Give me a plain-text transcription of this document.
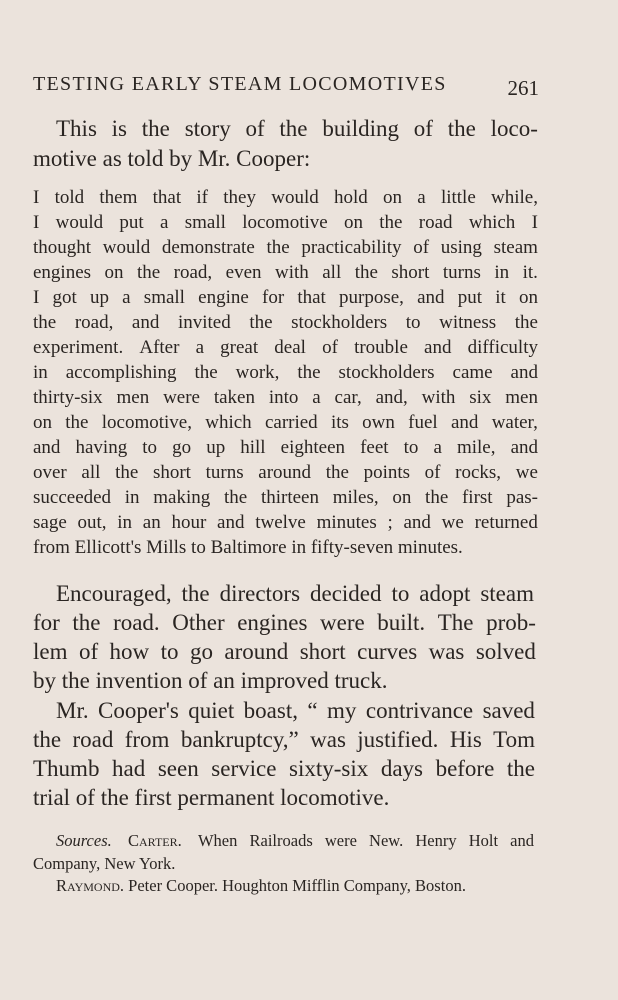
TESTING EARLY STEAM LOCOMOTIVES	261
This is the story of the building of the loco-
motive as told by Mr. Cooper:
I told them that if they would hold on a little while,
I would put a small locomotive on the road which I
thought would demonstrate the practicability of using steam
engines on the road, even with all the short turns in it.
I got up a small engine for that purpose, and put it on
the road, and invited the stockholders to witness the
experiment. After a great deal of trouble and difficulty
in accomplishing the work, the stockholders came and
thirty-six men were taken into a car, and, with six men
on the locomotive, which carried its own fuel and water,
and having to go up hill eighteen feet to a mile, and
over all the short turns around the points of rocks, we
succeeded in making the thirteen miles, on the first pas-
sage out, in an hour and twelve minutes ; and we returned
from Ellicott's Mills to Baltimore in fifty-seven minutes.
Encouraged, the directors decided to adopt steam
for the road. Other engines were built. The prob-
lem of how to go around short curves was solved
by the invention of an improved truck.
Mr. Cooper's quiet boast, “ my contrivance saved
the road from bankruptcy,” was justified. His Tom
Thumb had seen service sixty-six days before the
trial of the first permanent locomotive.
Sources. Carter. When Railroads were New. Henry Holt and
Company, New York.
Raymond. Peter Cooper. Houghton Mifflin Company, Boston.
